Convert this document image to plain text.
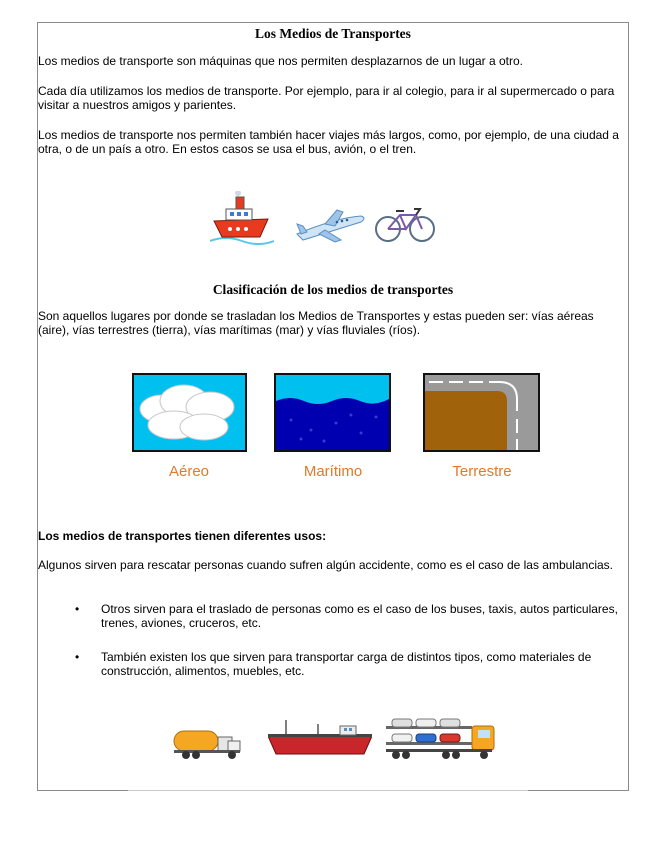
Los Medios de Transportes
Los medios de transporte son máquinas que nos permiten desplazarnos de un lugar a otro.
Cada día utilizamos los medios de transporte. Por ejemplo, para ir al colegio, para ir al supermercado o para visitar a nuestros amigos y parientes.
Los medios de transporte nos permiten también hacer viajes más largos, como, por ejemplo, de una ciudad a otra, o de un país a otro. En estos casos se usa el bus, avión, o el tren.
Clasificación de los medios de transportes
Son aquellos lugares por donde se trasladan los Medios de Transportes y estas pueden ser: vías aéreas (aire), vías terrestres (tierra), vías marítimas (mar) y vías fluviales (ríos).
Aéreo	Marítimo	Terrestre
Los medios de transportes tienen diferentes usos:
Algunos sirven para rescatar personas cuando sufren algún accidente, como es el caso de las ambulancias.
• Otros sirven para el traslado de personas como es el caso de los buses, taxis, autos particulares, trenes, aviones, cruceros, etc.
• También existen los que sirven para transportar carga de distintos tipos, como materiales de construcción, alimentos, muebles, etc.
